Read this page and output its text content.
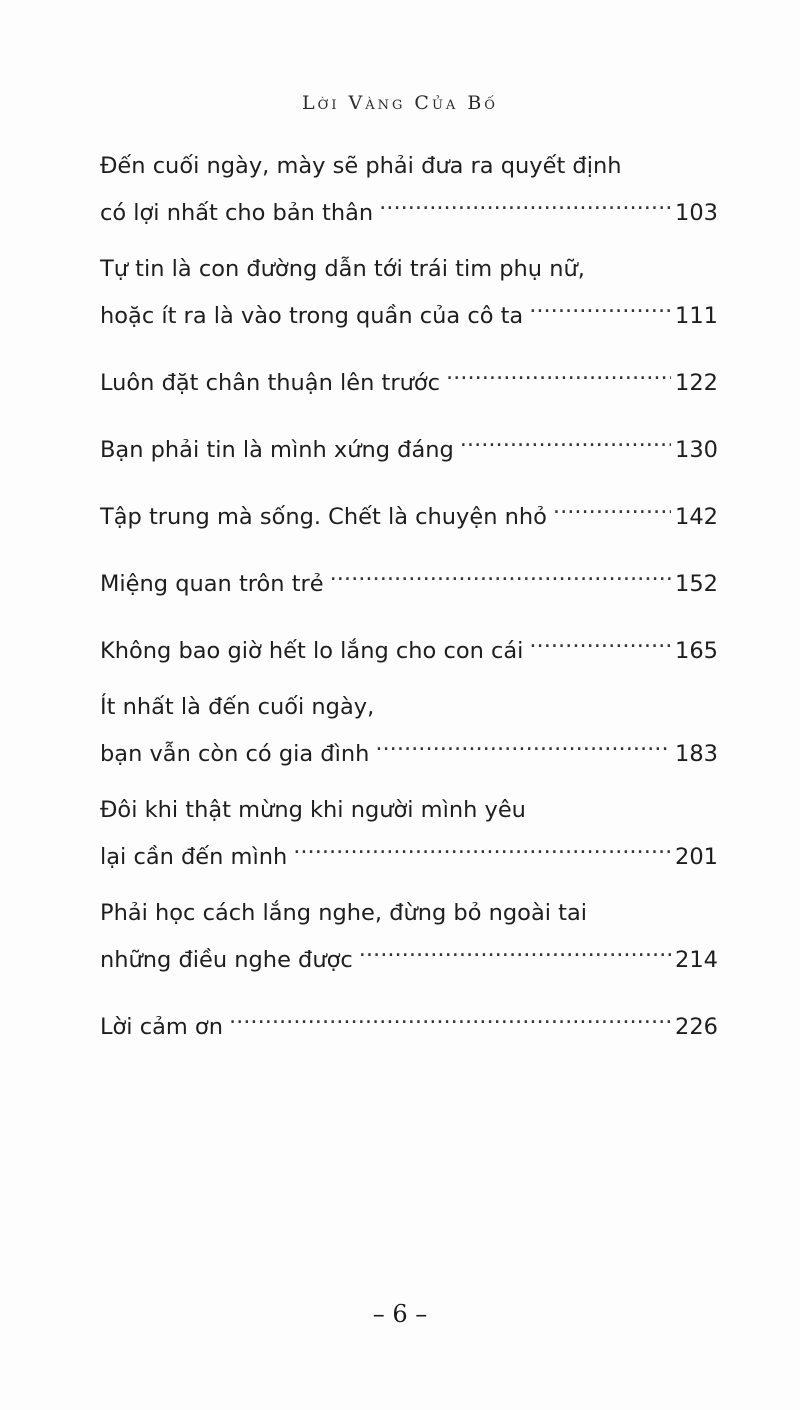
Lời Vàng Của Bố
Đến cuối ngày, mày sẽ phải đưa ra quyết định
có lợi nhất cho bản thân .....	103
Tự tin là con đường dẫn tới trái tim phụ nữ,
hoặc ít ra là vào trong quần của cô ta .....	111
Luôn đặt chân thuận lên trước .....	122
Bạn phải tin là mình xứng đáng .....	130
Tập trung mà sống. Chết là chuyện nhỏ .....	142
Miệng quan trôn trẻ .....	152
Không bao giờ hết lo lắng cho con cái .....	165
Ít nhất là đến cuối ngày,
bạn vẫn còn có gia đình .....	183
Đôi khi thật mừng khi người mình yêu
lại cần đến mình .....	201
Phải học cách lắng nghe, đừng bỏ ngoài tai
những điều nghe được .....	214
Lời cảm ơn .....	226
– 6 –
